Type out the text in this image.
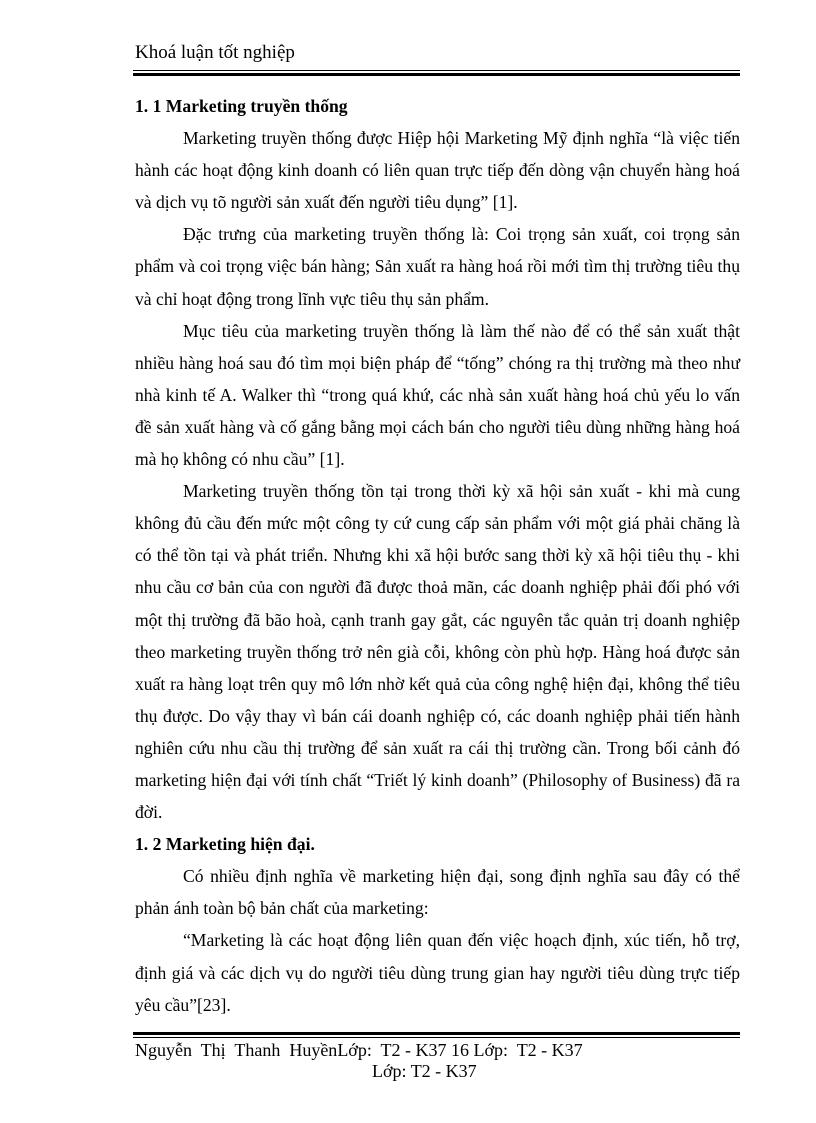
Khoá luận tốt nghiệp

1. 1 Marketing truyền thống

Marketing truyền thống được Hiệp hội Marketing Mỹ định nghĩa “là việc tiến hành các hoạt động kinh doanh có liên quan trực tiếp đến dòng vận chuyển hàng hoá và dịch vụ tõ người sản xuất đến người tiêu dụng” [1].

Đặc trưng của marketing truyền thống là: Coi trọng sản xuất, coi trọng sản phẩm và coi trọng việc bán hàng; Sản xuất ra hàng hoá rồi mới tìm thị trường tiêu thụ và chỉ hoạt động trong lĩnh vực tiêu thụ sản phẩm.

Mục tiêu của marketing truyền thống là làm thế nào để có thể sản xuất thật nhiều hàng hoá sau đó tìm mọi biện pháp để “tống” chóng ra thị trường mà theo như nhà kinh tế A. Walker thì “trong quá khứ, các nhà sản xuất hàng hoá chủ yếu lo vấn đề sản xuất hàng và cố gắng bằng mọi cách bán cho người tiêu dùng những hàng hoá mà họ không có nhu cầu” [1].

Marketing truyền thống tồn tại trong thời kỳ xã hội sản xuất - khi mà cung không đủ cầu đến mức một công ty cứ cung cấp sản phẩm với một giá phải chăng là có thể tồn tại và phát triển. Nhưng khi xã hội bước sang thời kỳ xã hội tiêu thụ - khi nhu cầu cơ bản của con người đã được thoả mãn, các doanh nghiệp phải đối phó với một thị trường đã bão hoà, cạnh tranh gay gắt, các nguyên tắc quản trị doanh nghiệp theo marketing truyền thống trở nên già cỗi, không còn phù hợp. Hàng hoá được sản xuất ra hàng loạt trên quy mô lớn nhờ kết quả của công nghệ hiện đại, không thể tiêu thụ được. Do vậy thay vì bán cái doanh nghiệp có, các doanh nghiệp phải tiến hành nghiên cứu nhu cầu thị trường để sản xuất ra cái thị trường cần. Trong bối cảnh đó marketing hiện đại với tính chất “Triết lý kinh doanh” (Philosophy of Business) đã ra đời.

1. 2 Marketing hiện đại.

Có nhiều định nghĩa về marketing hiện đại, song định nghĩa sau đây có thể phản ánh toàn bộ bản chất của marketing:

“Marketing là các hoạt động liên quan đến việc hoạch định, xúc tiến, hỗ trợ, định giá và các dịch vụ do người tiêu dùng trung gian hay người tiêu dùng trực tiếp yêu cầu”[23].

Nguyễn  Thị  Thanh  HuyềnLớp:  T2 - K37 16 Lớp:  T2 - K37
Lớp: T2 - K37
